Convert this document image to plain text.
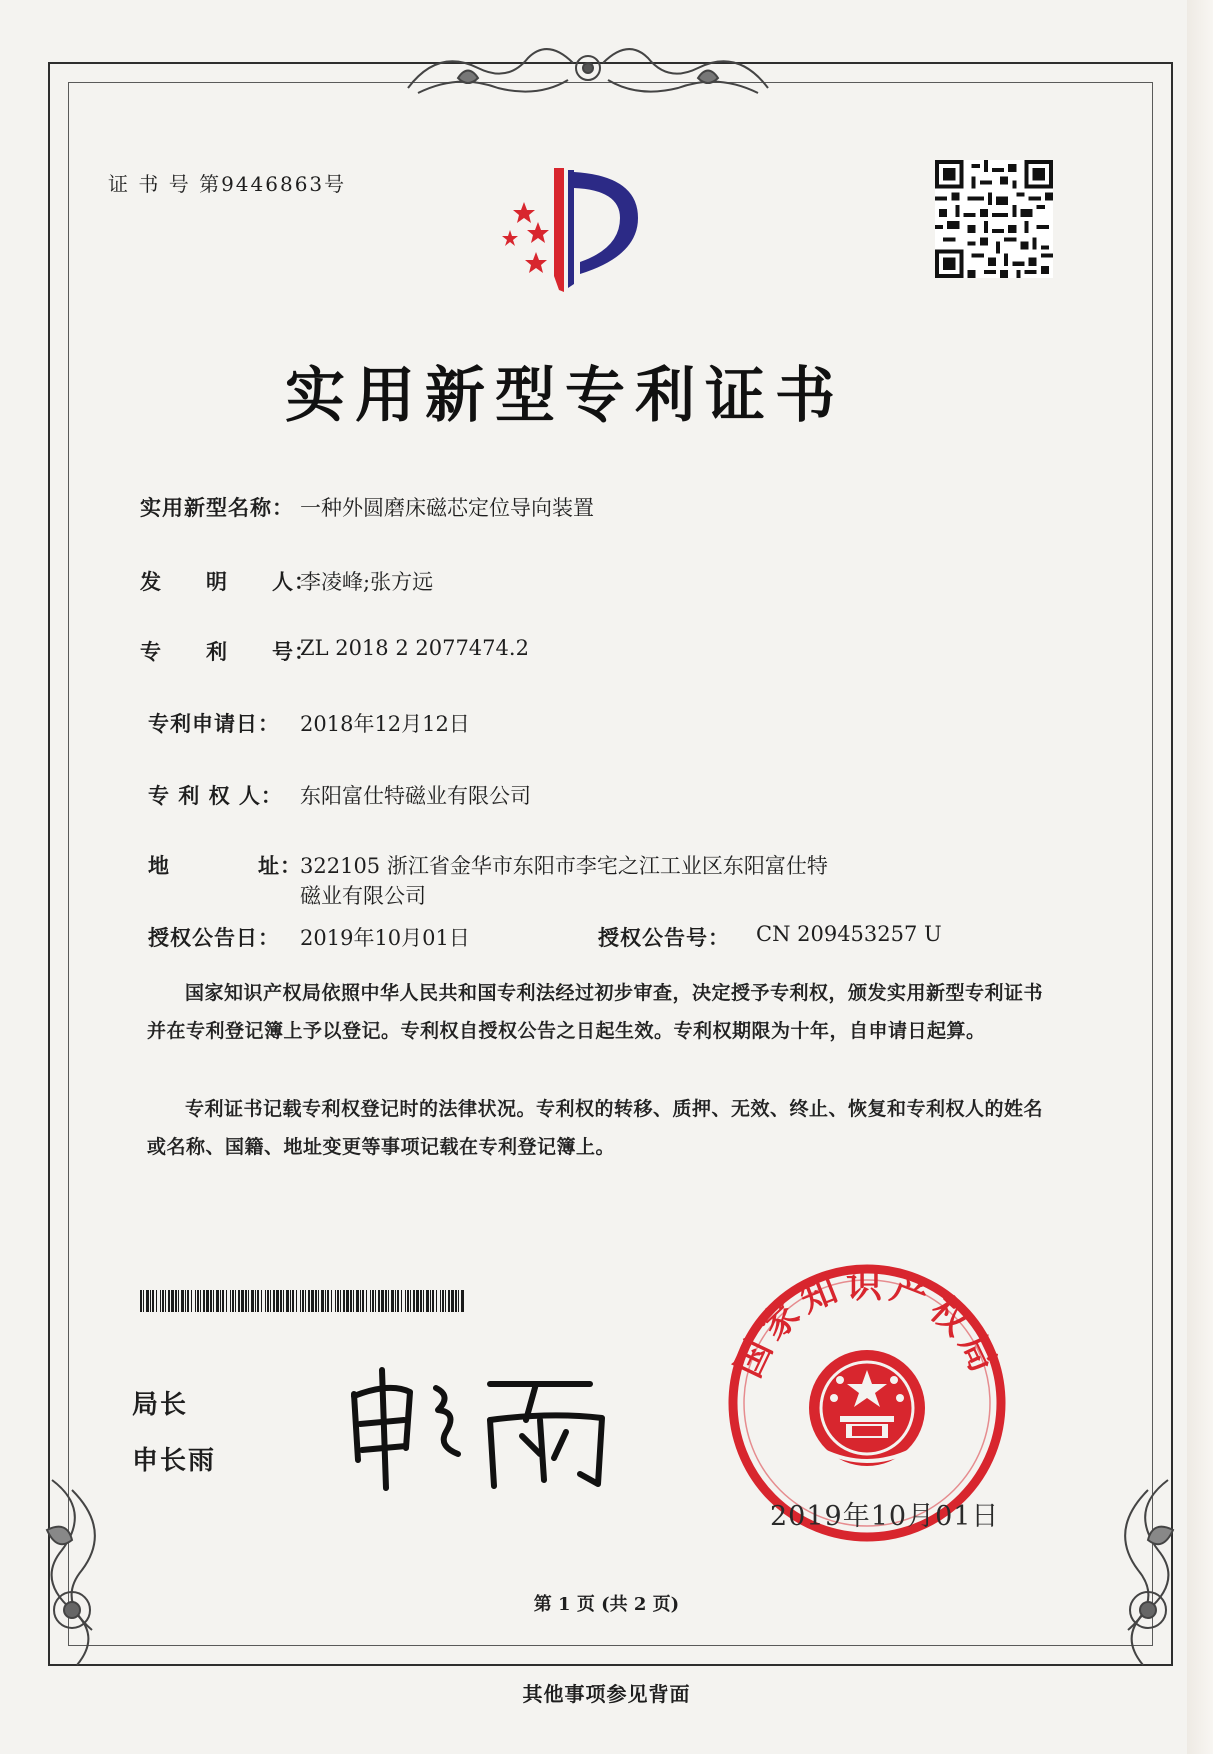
证 书 号 第9446863号
实用新型专利证书
实用新型名称： 一种外圆磨床磁芯定位导向装置
发　　明　　人：
李凌峰;张方远
专　　利　　号：
ZL 2018 2 2077474.2
专利申请日： 2018年12月12日
专 利 权 人： 东阳富仕特磁业有限公司
地　　　　址：
322105 浙江省金华市东阳市李宅之江工业区东阳富仕特
磁业有限公司
授权公告日： 2019年10月01日	授权公告号： CN 209453257 U
国家知识产权局依照中华人民共和国专利法经过初步审查，决定授予专利权，颁发实用新型专利证书并在专利登记簿上予以登记。专利权自授权公告之日起生效。专利权期限为十年，自申请日起算。
专利证书记载专利权登记时的法律状况。专利权的转移、质押、无效、终止、恢复和专利权人的姓名或名称、国籍、地址变更等事项记载在专利登记簿上。
局长
申长雨
国家知识产权局
2019年10月01日
第 1 页 (共 2 页)
其他事项参见背面
